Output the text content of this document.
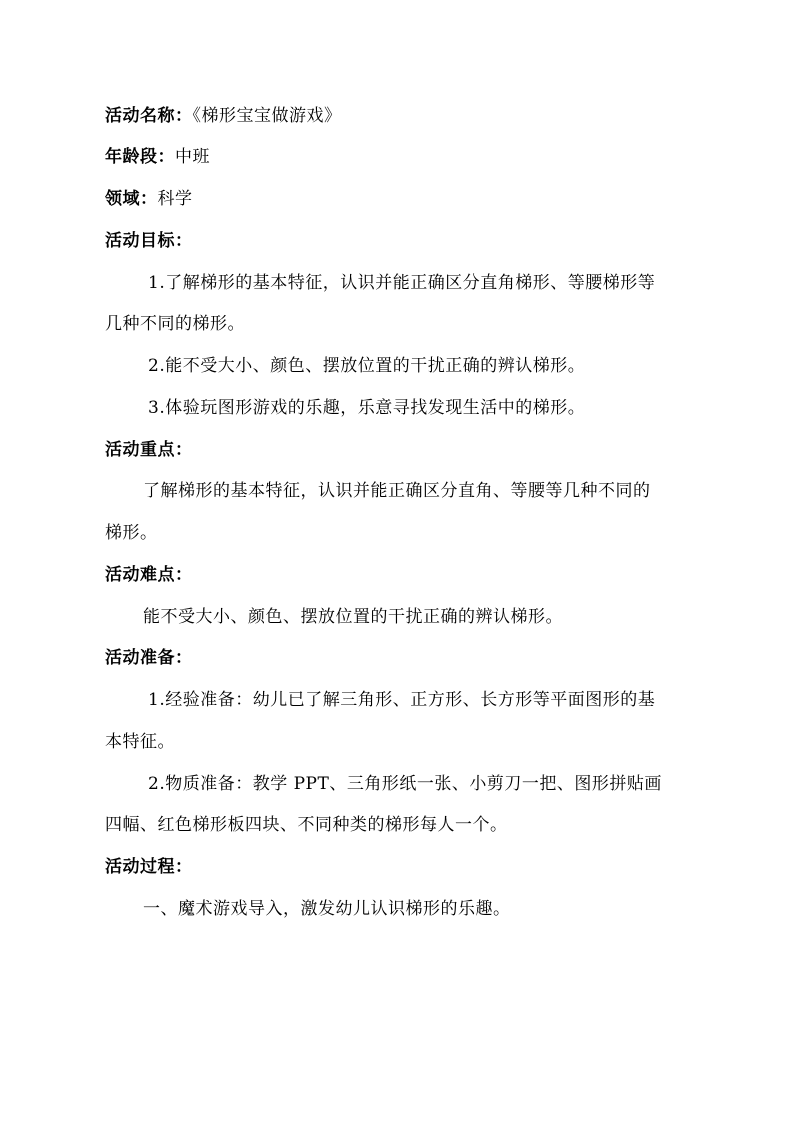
活动名称：《梯形宝宝做游戏》
年龄段：中班
领域：科学
活动目标：
1.了解梯形的基本特征，认识并能正确区分直角梯形、等腰梯形等
几种不同的梯形。
2.能不受大小、颜色、摆放位置的干扰正确的辨认梯形。
3.体验玩图形游戏的乐趣，乐意寻找发现生活中的梯形。
活动重点：
了解梯形的基本特征，认识并能正确区分直角、等腰等几种不同的
梯形。
活动难点：
能不受大小、颜色、摆放位置的干扰正确的辨认梯形。
活动准备：
1.经验准备：幼儿已了解三角形、正方形、长方形等平面图形的基
本特征。
2.物质准备：教学 PPT、三角形纸一张、小剪刀一把、图形拼贴画
四幅、红色梯形板四块、不同种类的梯形每人一个。
活动过程：
一、魔术游戏导入，激发幼儿认识梯形的乐趣。
